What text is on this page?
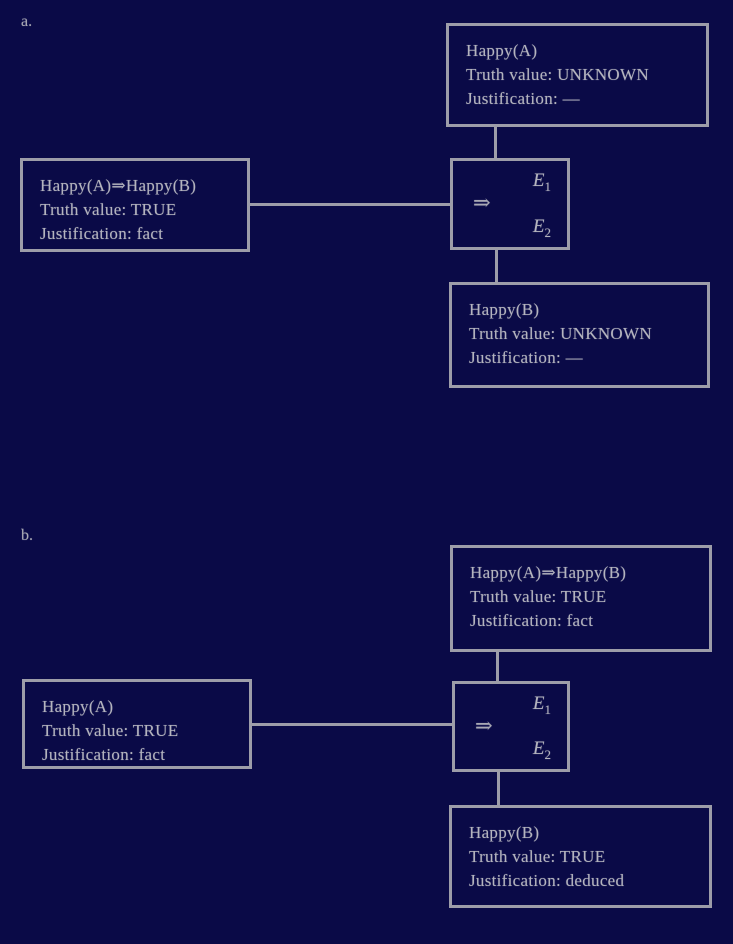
a.
Happy(A)
Truth value: UNKNOWN
Justification: —
Happy(A)⇒Happy(B)
Truth value: TRUE
Justification: fact
⇒
$E_1$
$E_2$
Happy(B)
Truth value: UNKNOWN
Justification: —
b.
Happy(A)⇒Happy(B)
Truth value: TRUE
Justification: fact
Happy(A)
Truth value: TRUE
Justification: fact
⇒
$E_1$
$E_2$
Happy(B)
Truth value: TRUE
Justification: deduced
